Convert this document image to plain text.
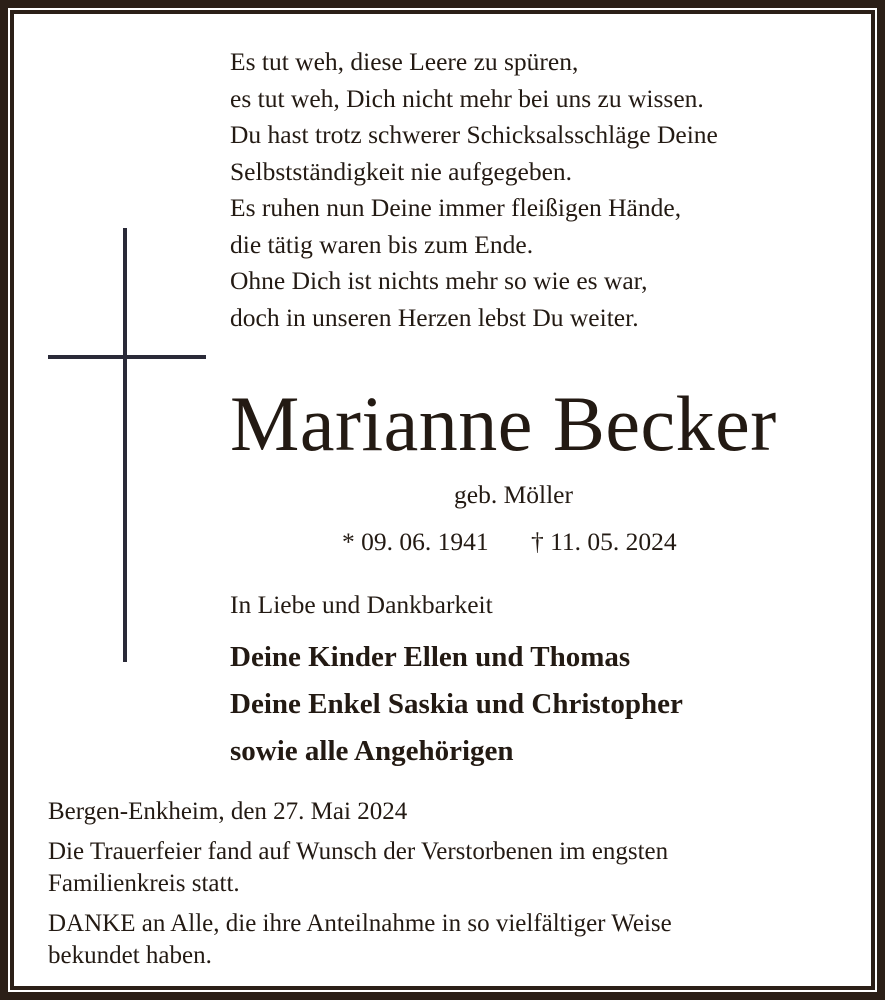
Es tut weh, diese Leere zu spüren,
es tut weh, Dich nicht mehr bei uns zu wissen.
Du hast trotz schwerer Schicksalsschläge Deine
Selbstständigkeit nie aufgegeben.
Es ruhen nun Deine immer fleißigen Hände,
die tätig waren bis zum Ende.
Ohne Dich ist nichts mehr so wie es war,
doch in unseren Herzen lebst Du weiter.
Marianne Becker
geb. Möller
* 09. 06. 1941 † 11. 05. 2024
In Liebe und Dankbarkeit
Deine Kinder Ellen und Thomas
Deine Enkel Saskia und Christopher
sowie alle Angehörigen
Bergen-Enkheim, den 27. Mai 2024
Die Trauerfeier fand auf Wunsch der Verstorbenen im engsten
Familienkreis statt.
DANKE an Alle, die ihre Anteilnahme in so vielfältiger Weise
bekundet haben.
